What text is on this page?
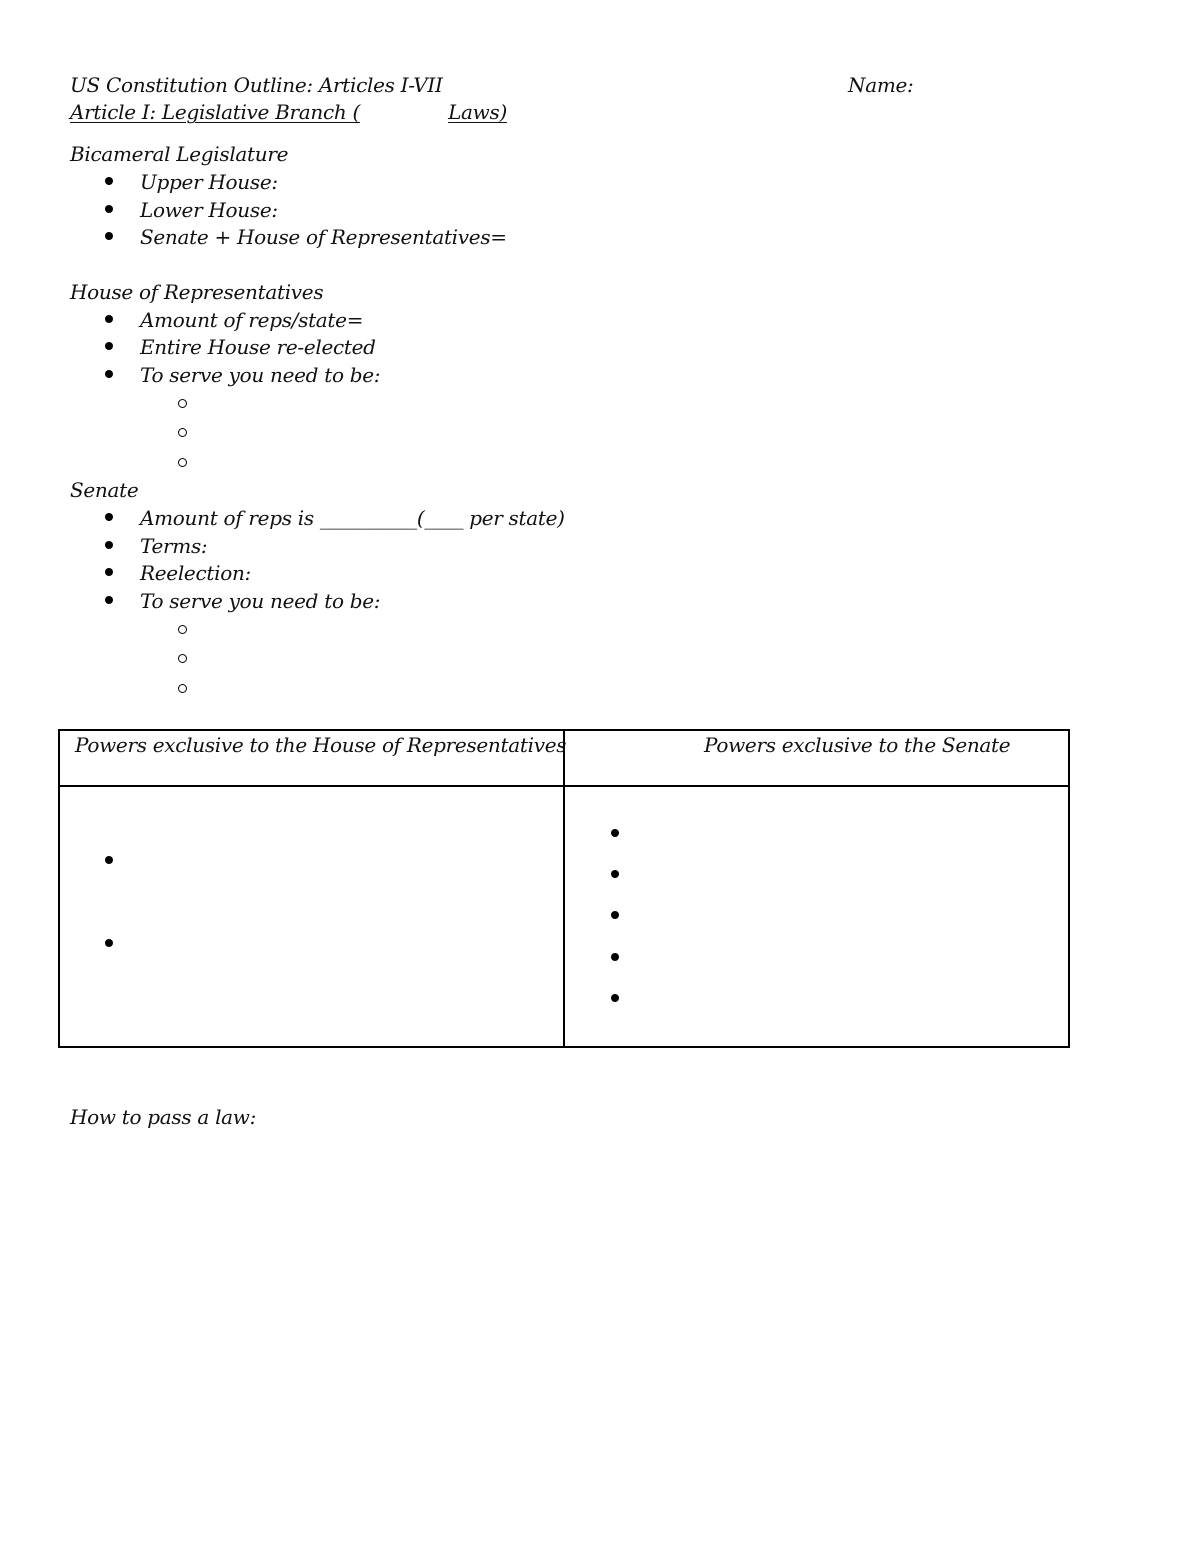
US Constitution Outline: Articles I-VII	Name:
Article I: Legislative Branch (	Laws)
Bicameral Legislature
Upper House:
Lower House:
Senate + House of Representatives=
House of Representatives
Amount of reps/state=
Entire House re-elected
To serve you need to be:
Senate
Amount of reps is __________(____ per state)
Terms:
Reelection:
To serve you need to be:
Powers exclusive to the House of Representatives	Powers exclusive to the Senate
How to pass a law:
